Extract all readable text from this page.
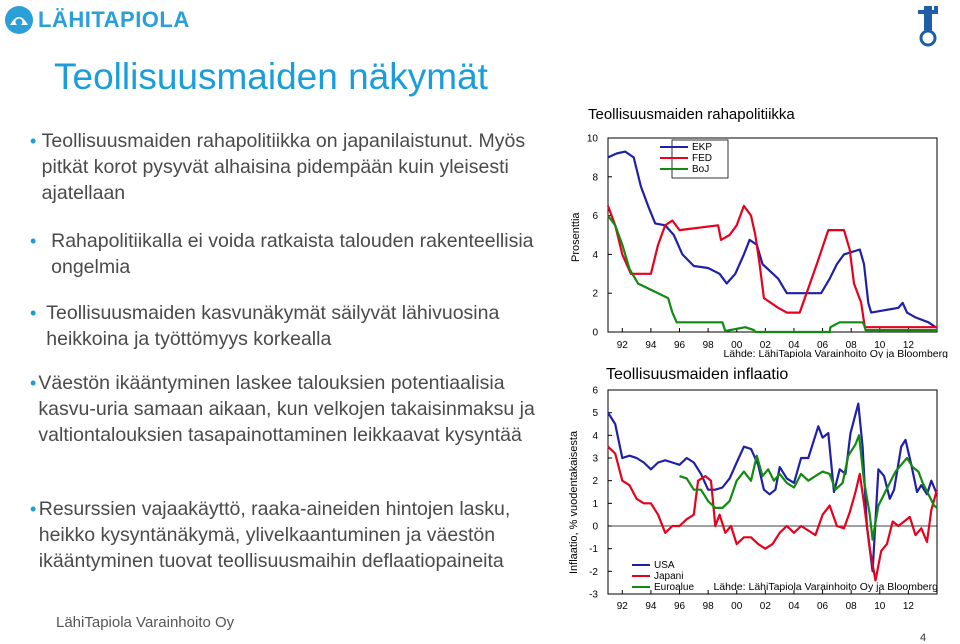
LÄHITAPIOLA
Teollisuusmaiden näkymät
• Teollisuusmaiden rahapolitiikka on japanilaistunut. Myös pitkät korot pysyvät alhaisina pidempään kuin yleisesti ajatellaan
• Rahapolitiikalla ei voida ratkaista talouden rakenteellisia ongelmia
• Teollisuusmaiden kasvunäkymät säilyvät lähivuosina heikkoina ja työttömyys korkealla
• Väestön ikääntyminen laskee talouksien potentiaalisia kasvu-uria samaan aikaan, kun velkojen takaisinmaksu ja valtiontalouksien tasapainottaminen leikkaavat kysyntää
• Resurssien vajaakäyttö, raaka-aineiden hintojen lasku, heikko kysyntänäkymä, ylivelkaantuminen ja väestön ikääntyminen tuovat teollisuusmaihin deflaatiopaineita
LähiTapiola Varainhoito Oy
4
Teollisuusmaiden rahapolitiikka
Prosenttia
0
2
4
6
8
10
92 94 96 98 00 02 04 06 08 10 12
EKP
FED
BoJ
Lähde: LähiTapiola Varainhoito Oy ja Bloomberg
Teollisuusmaiden inflaatio
Inflaatio, % vuodentakaisesta
-3
-2
-1
0
1
2
3
4
5
6
92 94 96 98 00 02 04 06 08 10 12
USA
Japani
Euroalue Lähde: LähiTapiola Varainhoito Oy ja Bloomberg
